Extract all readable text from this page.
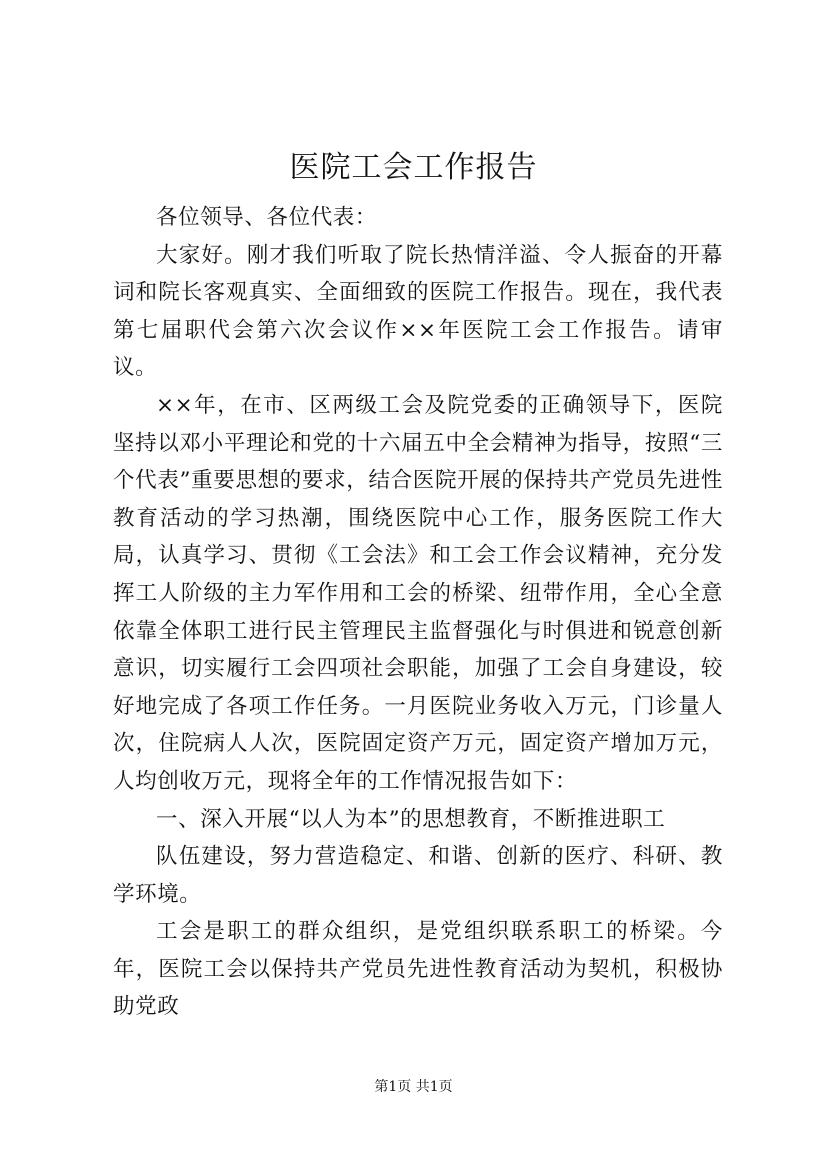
医院工会工作报告

各位领导、各位代表：

大家好。刚才我们听取了院长热情洋溢、令人振奋的开幕词和院长客观真实、全面细致的医院工作报告。现在，我代表第七届职代会第六次会议作××年医院工会工作报告。请审议。

××年，在市、区两级工会及院党委的正确领导下，医院坚持以邓小平理论和党的十六届五中全会精神为指导，按照“三个代表”重要思想的要求，结合医院开展的保持共产党员先进性教育活动的学习热潮，围绕医院中心工作，服务医院工作大局，认真学习、贯彻《工会法》和工会工作会议精神，充分发挥工人阶级的主力军作用和工会的桥梁、纽带作用，全心全意依靠全体职工进行民主管理民主监督强化与时俱进和锐意创新意识，切实履行工会四项社会职能，加强了工会自身建设，较好地完成了各项工作任务。一月医院业务收入万元，门诊量人次，住院病人人次，医院固定资产万元，固定资产增加万元，人均创收万元，现将全年的工作情况报告如下：

一、深入开展“以人为本”的思想教育，不断推进职工

队伍建设，努力营造稳定、和谐、创新的医疗、科研、教学环境。

工会是职工的群众组织，是党组织联系职工的桥梁。今年，医院工会以保持共产党员先进性教育活动为契机，积极协助党政

第1页 共1页
